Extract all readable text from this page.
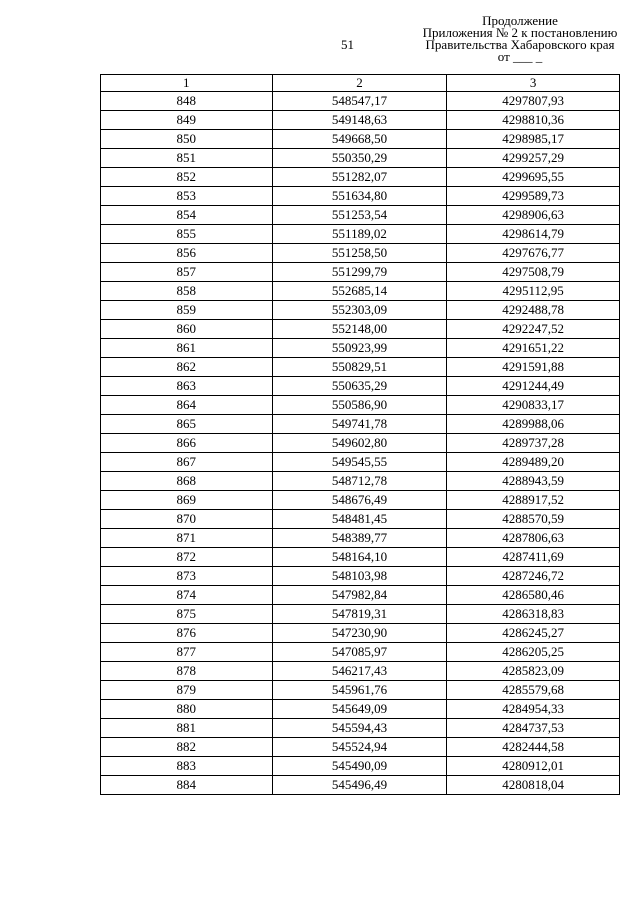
51
Продолжение
Приложения № 2 к постановлению
Правительства Хабаровского края
от ___ _
1	2	3
848	548547,17	4297807,93
849	549148,63	4298810,36
850	549668,50	4298985,17
851	550350,29	4299257,29
852	551282,07	4299695,55
853	551634,80	4299589,73
854	551253,54	4298906,63
855	551189,02	4298614,79
856	551258,50	4297676,77
857	551299,79	4297508,79
858	552685,14	4295112,95
859	552303,09	4292488,78
860	552148,00	4292247,52
861	550923,99	4291651,22
862	550829,51	4291591,88
863	550635,29	4291244,49
864	550586,90	4290833,17
865	549741,78	4289988,06
866	549602,80	4289737,28
867	549545,55	4289489,20
868	548712,78	4288943,59
869	548676,49	4288917,52
870	548481,45	4288570,59
871	548389,77	4287806,63
872	548164,10	4287411,69
873	548103,98	4287246,72
874	547982,84	4286580,46
875	547819,31	4286318,83
876	547230,90	4286245,27
877	547085,97	4286205,25
878	546217,43	4285823,09
879	545961,76	4285579,68
880	545649,09	4284954,33
881	545594,43	4284737,53
882	545524,94	4282444,58
883	545490,09	4280912,01
884	545496,49	4280818,04
